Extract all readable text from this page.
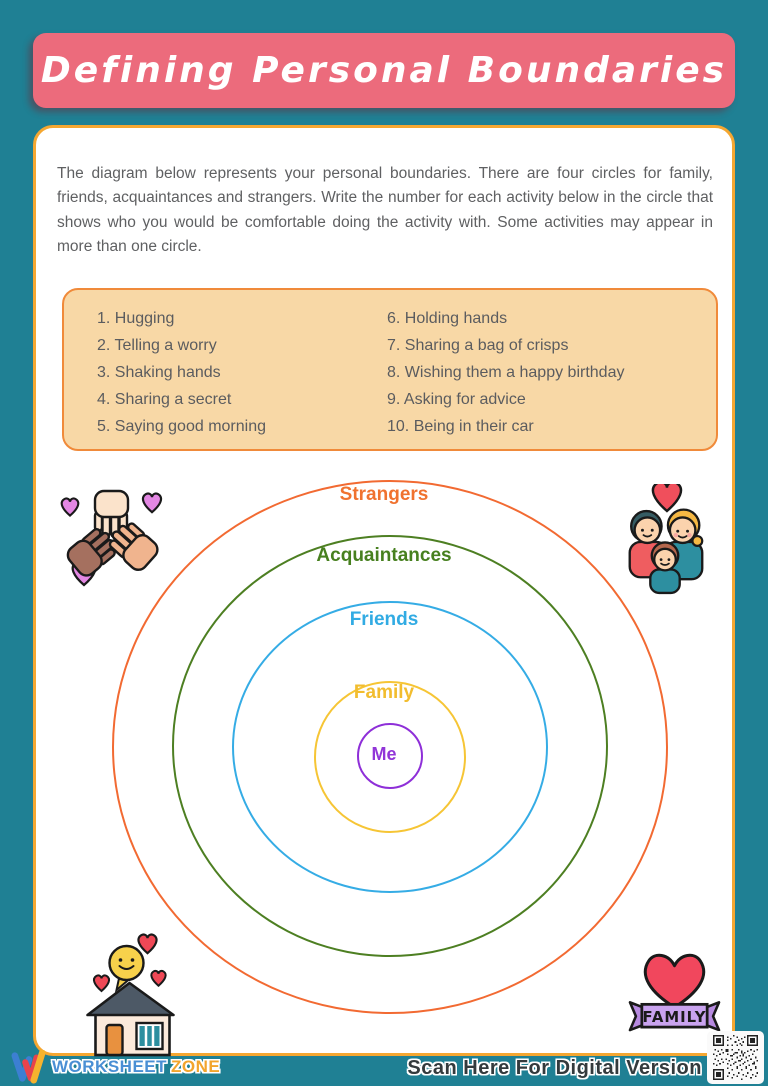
Defining Personal Boundaries

The diagram below represents your personal boundaries. There are four circles for family, friends, acquaintances and strangers. Write the number for each activity below in the circle that shows who you would be comfortable doing the activity with. Some activities may appear in more than one circle.

1. Hugging
2. Telling a worry
3. Shaking hands
4. Sharing a secret
5. Saying good morning
6. Holding hands
7. Sharing a bag of crisps
8. Wishing them a happy birthday
9. Asking for advice
10. Being in their car
Strangers
Acquaintances
Friends
Family
Me
FAMILY
WORKSHEET ZONE	Scan Here For Digital Version
